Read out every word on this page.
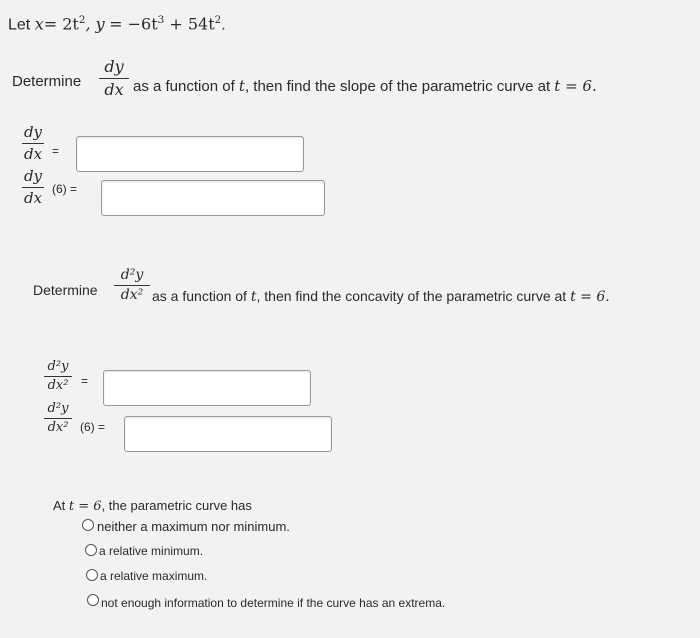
Let $x= 2t^2$, $y = -6t^3 + 54t^2$.
Determine
dy
dx as a function of t, then find the slope of the parametric curve at t = 6.
dy
dx =
dy
dx (6) =
Determine
d²y
dx² as a function of t, then find the concavity of the parametric curve at t = 6.
d²y
dx² =
d²y
dx² (6) =
At t = 6, the parametric curve has
neither a maximum nor minimum.
a relative minimum.
a relative maximum.
not enough information to determine if the curve has an extrema.
